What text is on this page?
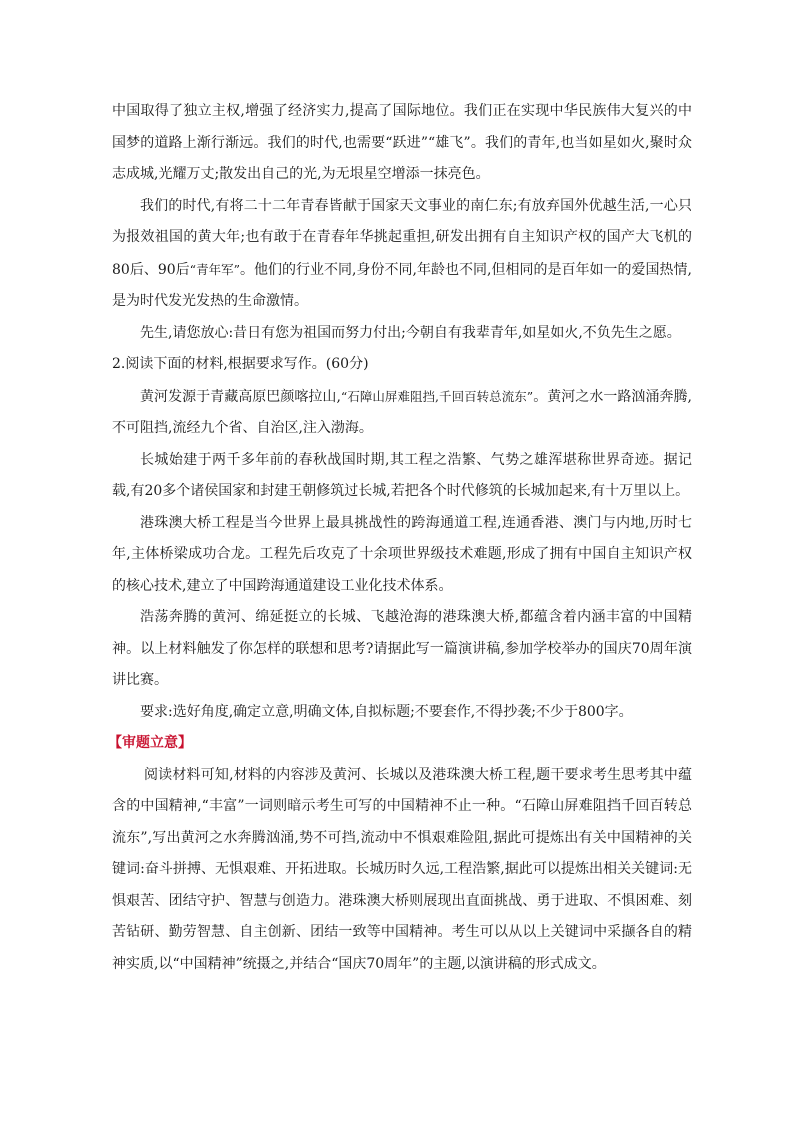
中国取得了独立主权,增强了经济实力,提高了国际地位。我们正在实现中华民族伟大复兴的中国梦的道路上渐行渐远。我们的时代,也需要“跃进”“雄飞”。我们的青年,也当如星如火,聚时众志成城,光耀万丈;散发出自己的光,为无垠星空增添一抹亮色。

我们的时代,有将二十二年青春皆献于国家天文事业的南仁东;有放弃国外优越生活,一心只为报效祖国的黄大年;也有敢于在青春年华挑起重担,研发出拥有自主知识产权的国产大飞机的80后、90后“青年军”。他们的行业不同,身份不同,年龄也不同,但相同的是百年如一的爱国热情,是为时代发光发热的生命激情。

先生,请您放心:昔日有您为祖国而努力付出;今朝自有我辈青年,如星如火,不负先生之愿。

2.阅读下面的材料,根据要求写作。(60分)

黄河发源于青藏高原巴颜喀拉山,“石障山屏难阻挡,千回百转总流东”。黄河之水一路汹涌奔腾,不可阻挡,流经九个省、自治区,注入渤海。

长城始建于两千多年前的春秋战国时期,其工程之浩繁、气势之雄浑堪称世界奇迹。据记载,有20多个诸侯国家和封建王朝修筑过长城,若把各个时代修筑的长城加起来,有十万里以上。

港珠澳大桥工程是当今世界上最具挑战性的跨海通道工程,连通香港、澳门与内地,历时七年,主体桥梁成功合龙。工程先后攻克了十余项世界级技术难题,形成了拥有中国自主知识产权的核心技术,建立了中国跨海通道建设工业化技术体系。

浩荡奔腾的黄河、绵延挺立的长城、飞越沧海的港珠澳大桥,都蕴含着内涵丰富的中国精神。以上材料触发了你怎样的联想和思考?请据此写一篇演讲稿,参加学校举办的国庆70周年演讲比赛。

要求:选好角度,确定立意,明确文体,自拟标题;不要套作,不得抄袭;不少于800字。

【审题立意】

阅读材料可知,材料的内容涉及黄河、长城以及港珠澳大桥工程,题干要求考生思考其中蕴含的中国精神,“丰富”一词则暗示考生可写的中国精神不止一种。“石障山屏难阻挡千回百转总流东”,写出黄河之水奔腾汹涌,势不可挡,流动中不惧艰难险阻,据此可提炼出有关中国精神的关键词:奋斗拼搏、无惧艰难、开拓进取。长城历时久远,工程浩繁,据此可以提炼出相关关键词:无惧艰苦、团结守护、智慧与创造力。港珠澳大桥则展现出直面挑战、勇于进取、不惧困难、刻苦钻研、勤劳智慧、自主创新、团结一致等中国精神。考生可以从以上关键词中采撷各自的精神实质,以“中国精神”统摄之,并结合“国庆70周年”的主题,以演讲稿的形式成文。
